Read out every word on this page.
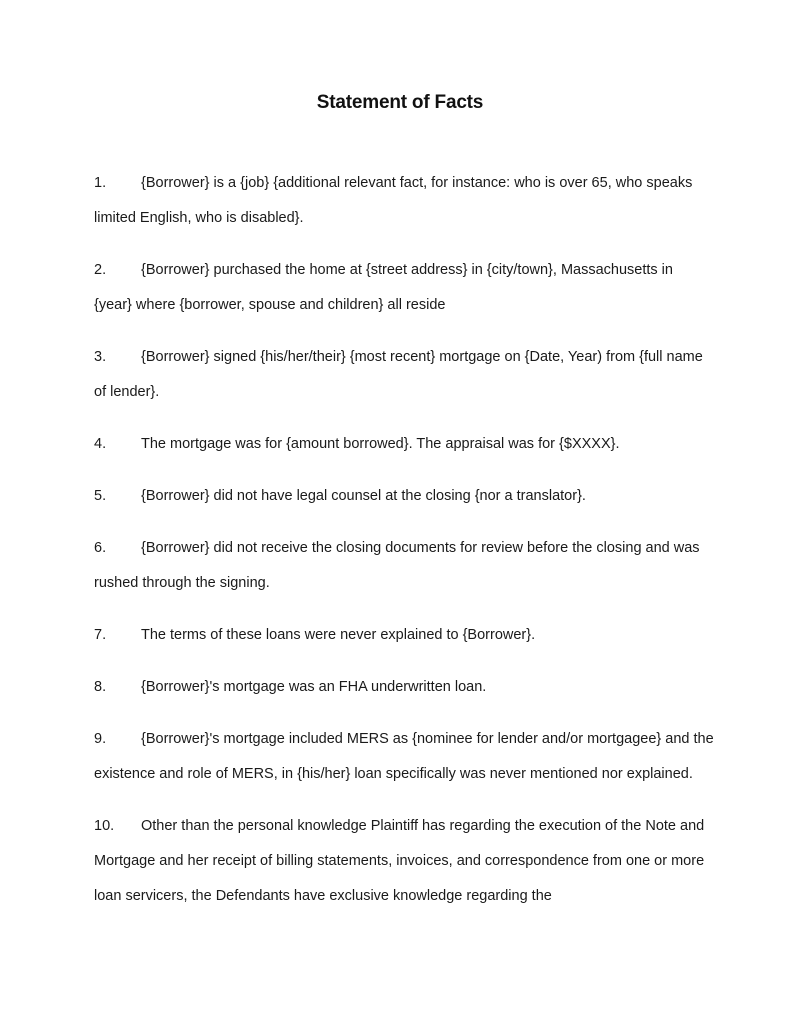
Statement of Facts

1. {Borrower} is a {job} {additional relevant fact, for instance: who is over 65, who speaks limited English, who is disabled}.

2. {Borrower} purchased the home at {street address} in {city/town}, Massachusetts in {year} where {borrower, spouse and children} all reside

3. {Borrower} signed {his/her/their} {most recent} mortgage on {Date, Year) from {full name of lender}.

4. The mortgage was for {amount borrowed}. The appraisal was for {$XXXX}.

5. {Borrower} did not have legal counsel at the closing {nor a translator}.

6. {Borrower} did not receive the closing documents for review before the closing and was rushed through the signing.

7. The terms of these loans were never explained to {Borrower}.

8. {Borrower}'s mortgage was an FHA underwritten loan.

9. {Borrower}'s mortgage included MERS as {nominee for lender and/or mortgagee} and the existence and role of MERS, in {his/her} loan specifically was never mentioned nor explained.

10. Other than the personal knowledge Plaintiff has regarding the execution of the Note and Mortgage and her receipt of billing statements, invoices, and correspondence from one or more loan servicers, the Defendants have exclusive knowledge regarding the
